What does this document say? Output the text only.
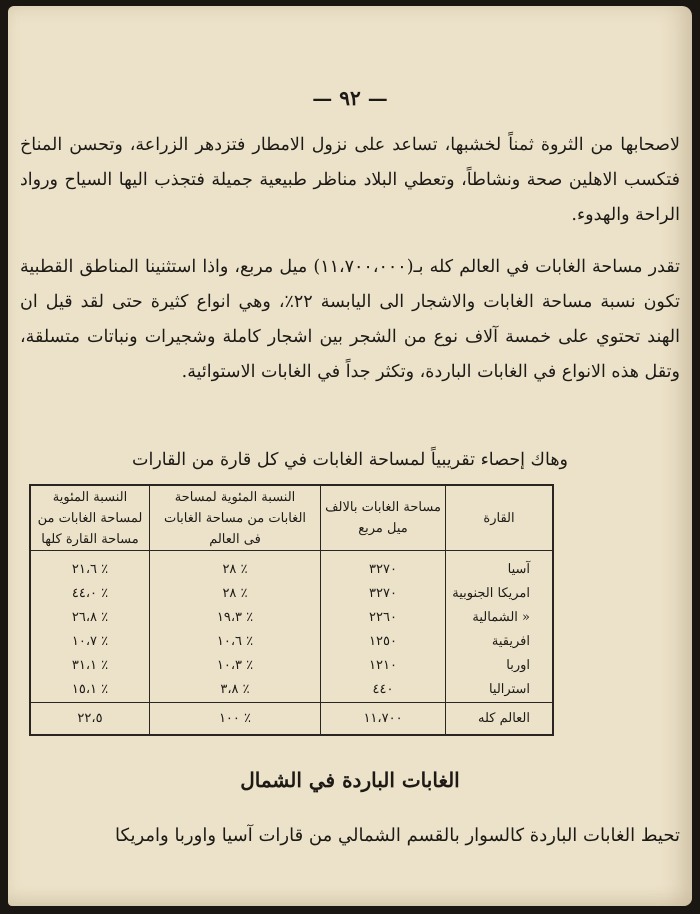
— ٩٢ —

لاصحابها من الثروة ثمناً لخشبها، تساعد على نزول الامطار فتزدهر الزراعة، وتحسن المناخ فتكسب الاهلين صحة ونشاطاً، وتعطي البلاد مناظر طبيعية جميلة فتجذب اليها السياح ورواد الراحة والهدوء.

تقدر مساحة الغابات في العالم كله بـ(١١،٧٠٠،٠٠٠) ميل مربع، واذا استثنينا المناطق القطبية تكون نسبة مساحة الغابات والاشجار الى اليابسة ٢٢٪، وهي انواع كثيرة حتى لقد قيل ان الهند تحتوي على خمسة آلاف نوع من الشجر بين اشجار كاملة وشجيرات ونباتات متسلقة، وتقل هذه الانواع في الغابات الباردة، وتكثر جداً في الغابات الاستوائية.

وهاك إحصاء تقريبياً لمساحة الغابات في كل قارة من القارات
القارة	مساحة الغابات بالالف ميل مربع	النسبة المئوية لمساحة الغابات من مساحة الغابات فى العالم	النسبة المئوية لمساحة الغابات من مساحة القارة كلها
آسيا	٣٢٧٠	٢٨ ٪	٢١،٦ ٪
امريكا الجنوبية	٣٢٧٠	٢٨ ٪	٤٤،٠ ٪
« الشمالية	٢٢٦٠	١٩،٣ ٪	٢٦،٨ ٪
افريقية	١٢٥٠	١٠،٦ ٪	١٠،٧ ٪
اوربا	١٢١٠	١٠،٣ ٪	٣١،١ ٪
استراليا	٤٤٠	٣،٨ ٪	١٥،١ ٪
العالم كله	١١،٧٠٠	١٠٠ ٪	٢٢،٥
الغابات الباردة في الشمال

تحيط الغابات الباردة كالسوار بالقسم الشمالي من قارات آسيا واوربا وامريكا
